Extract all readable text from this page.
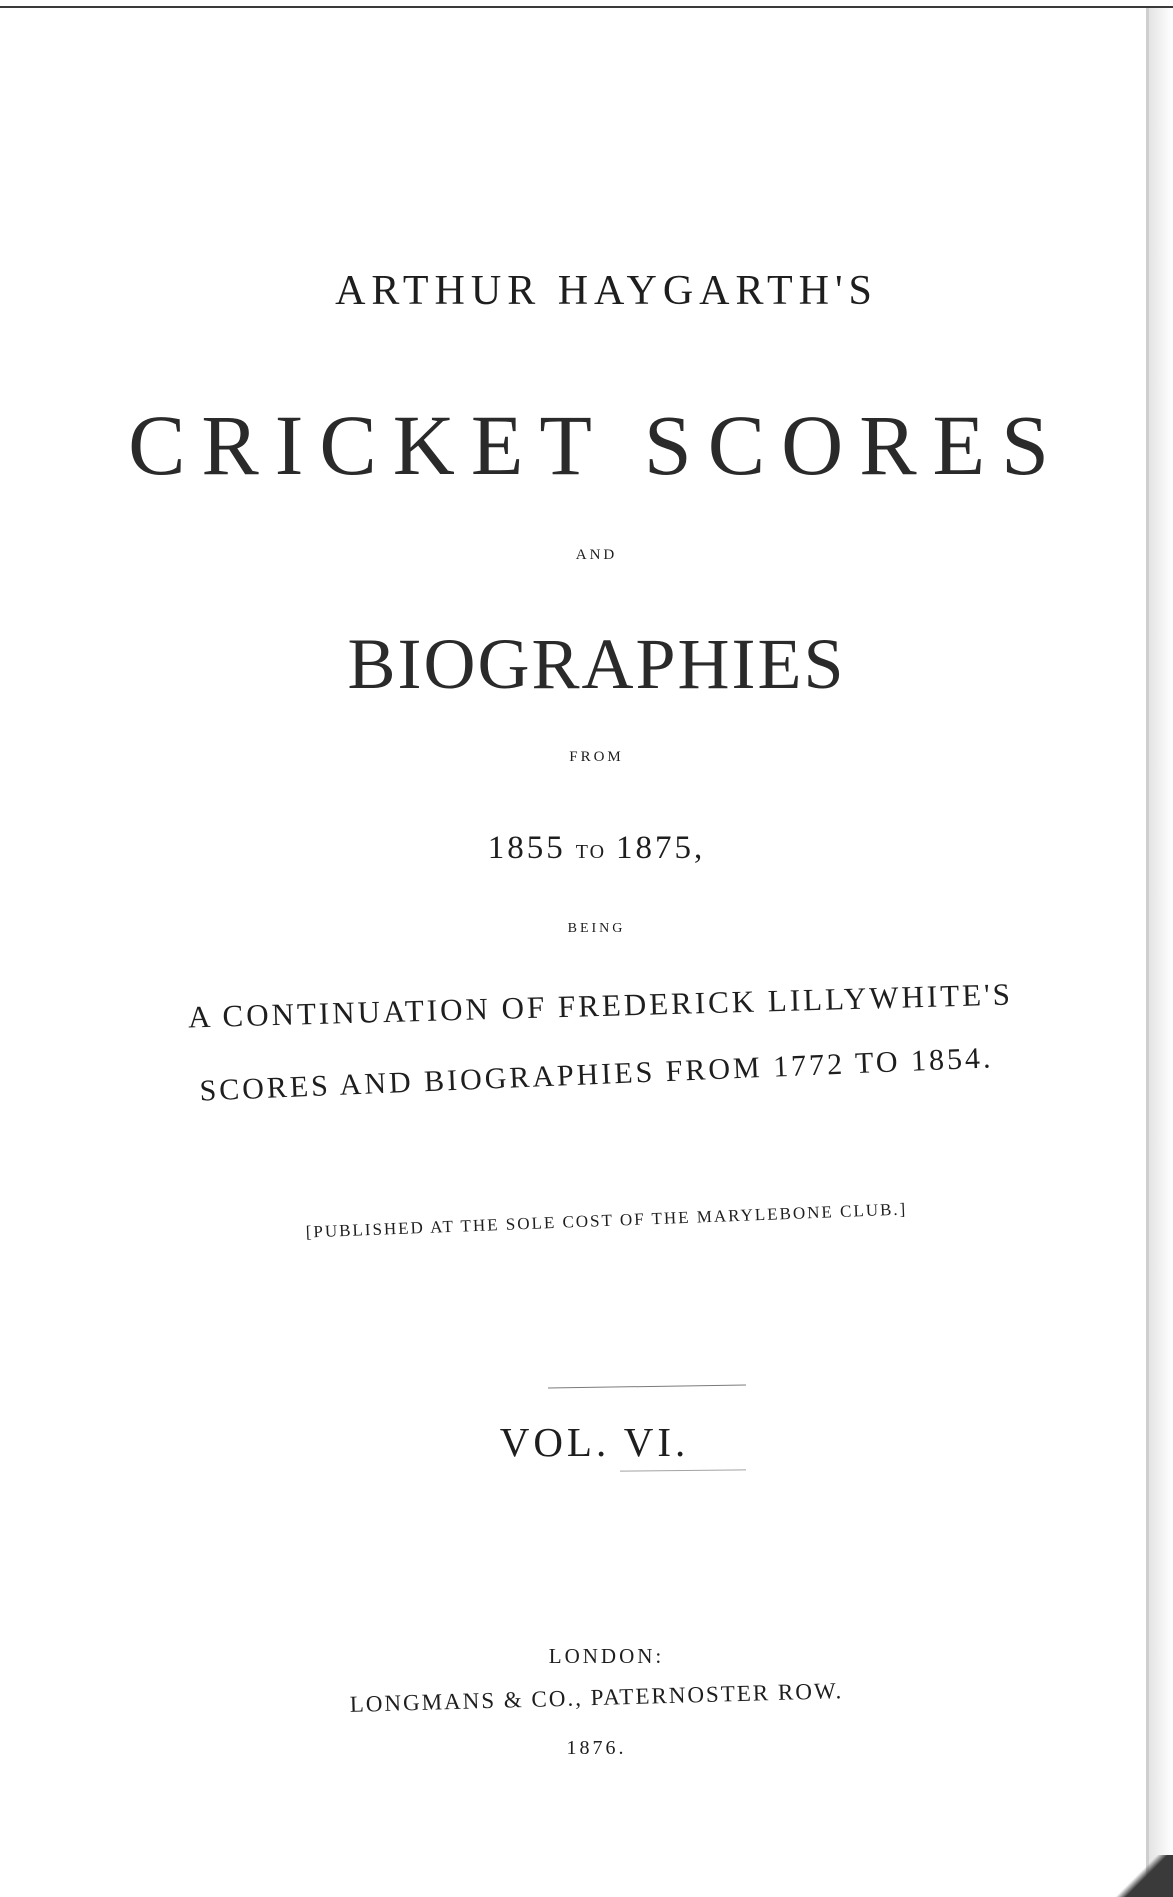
ARTHUR HAYGARTH'S
CRICKET SCORES
AND
BIOGRAPHIES
FROM
1855 TO 1875,
BEING
A CONTINUATION OF FREDERICK LILLYWHITE'S
SCORES AND BIOGRAPHIES FROM 1772 TO 1854.
[PUBLISHED AT THE SOLE COST OF THE MARYLEBONE CLUB.]
VOL. VI.
LONDON:
LONGMANS & CO., PATERNOSTER ROW.
1876.
